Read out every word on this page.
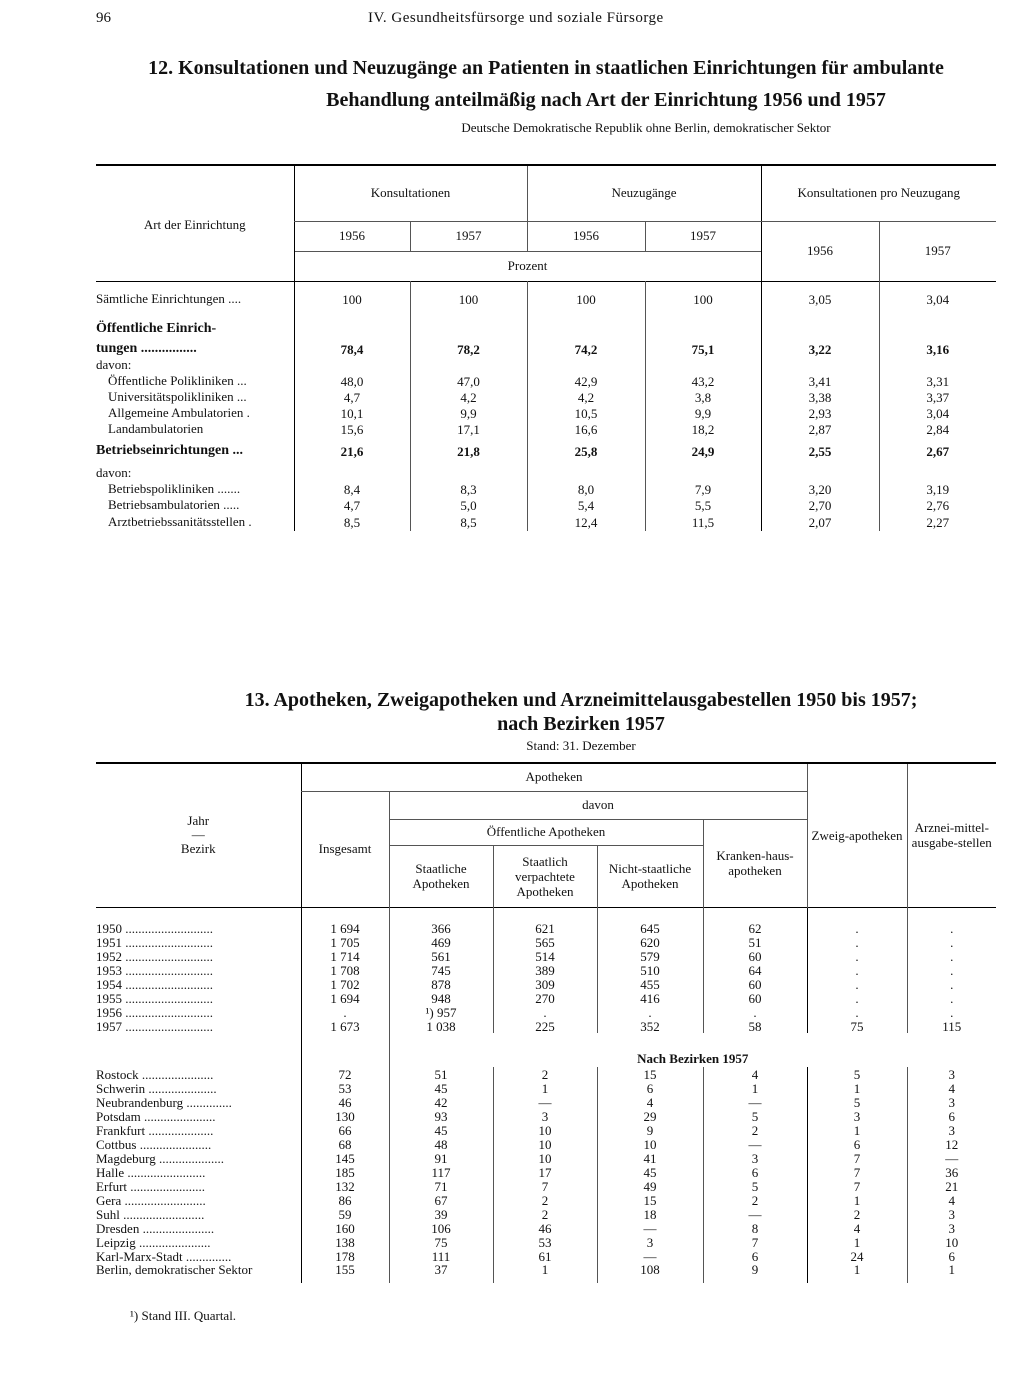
96	IV. Gesundheitsfürsorge und soziale Fürsorge
12. Konsultationen und Neuzugänge an Patienten in staatlichen Einrichtungen für ambulante
Behandlung anteilmäßig nach Art der Einrichtung 1956 und 1957
Deutsche Demokratische Republik ohne Berlin, demokratischer Sektor
Art der Einrichtung	Konsultationen		Neuzugänge		Konsultationen pro Neuzugang	
	1956	1957	1956	1957	1956	1957
	Prozent					
Sämtliche Einrichtungen ....	100	100	100	100	3,05	3,04
Öffentliche Einrich-						
tungen ................	78,4	78,2	74,2	75,1	3,22	3,16
davon:						
Öffentliche Polikliniken ...	48,0	47,0	42,9	43,2	3,41	3,31
Universitätspolikliniken ...	4,7	4,2	4,2	3,8	3,38	3,37
Allgemeine Ambulatorien .	10,1	9,9	10,5	9,9	2,93	3,04
Landambulatorien	15,6	17,1	16,6	18,2	2,87	2,84
Betriebseinrichtungen ...	21,6	21,8	25,8	24,9	2,55	2,67
davon:						
Betriebspolikliniken .......	8,4	8,3	8,0	7,9	3,20	3,19
Betriebsambulatorien .....	4,7	5,0	5,4	5,5	2,70	2,76
Arztbetriebssanitätsstellen .	8,5	8,5	12,4	11,5	2,07	2,27
13. Apotheken, Zweigapotheken und Arzneimittelausgabestellen 1950 bis 1957;
nach Bezirken 1957
Stand: 31. Dezember
Jahr
—
Bezirk	Apotheken					Zweig-apotheken	Arznei-mittel-ausgabe-stellen
	Insgesamt	davon					
		Öffentliche Apotheken			Kranken-haus-apotheken		
		Staatliche Apotheken	Staatlich verpachtete Apotheken	Nicht-staatliche Apotheken			
1950 ...........................	1 694	366	621	645	62	.	.
1951 ...........................	1 705	469	565	620	51	.	.
1952 ...........................	1 714	561	514	579	60	.	.
1953 ...........................	1 708	745	389	510	64	.	.
1954 ...........................	1 702	878	309	455	60	.	.
1955 ...........................	1 694	948	270	416	60	.	.
1956 ...........................	.	¹) 957	.	.	.	.	.
1957 ...........................	1 673	1 038	225	352	58	75	115
		Nach Bezirken 1957					
Rostock ......................	72	51	2	15	4	5	3
Schwerin .....................	53	45	1	6	1	1	4
Neubrandenburg ..............	46	42	—	4	—	5	3
Potsdam ......................	130	93	3	29	5	3	6
Frankfurt ....................	66	45	10	9	2	1	3
Cottbus ......................	68	48	10	10	—	6	12
Magdeburg ....................	145	91	10	41	3	7	—
Halle ........................	185	117	17	45	6	7	36
Erfurt .......................	132	71	7	49	5	7	21
Gera .........................	86	67	2	15	2	1	4
Suhl .........................	59	39	2	18	—	2	3
Dresden ......................	160	106	46	—	8	4	3
Leipzig ......................	138	75	53	3	7	1	10
Karl-Marx-Stadt ..............	178	111	61	—	6	24	6
Berlin, demokratischer Sektor	155	37	1	108	9	1	1
¹) Stand III. Quartal.
